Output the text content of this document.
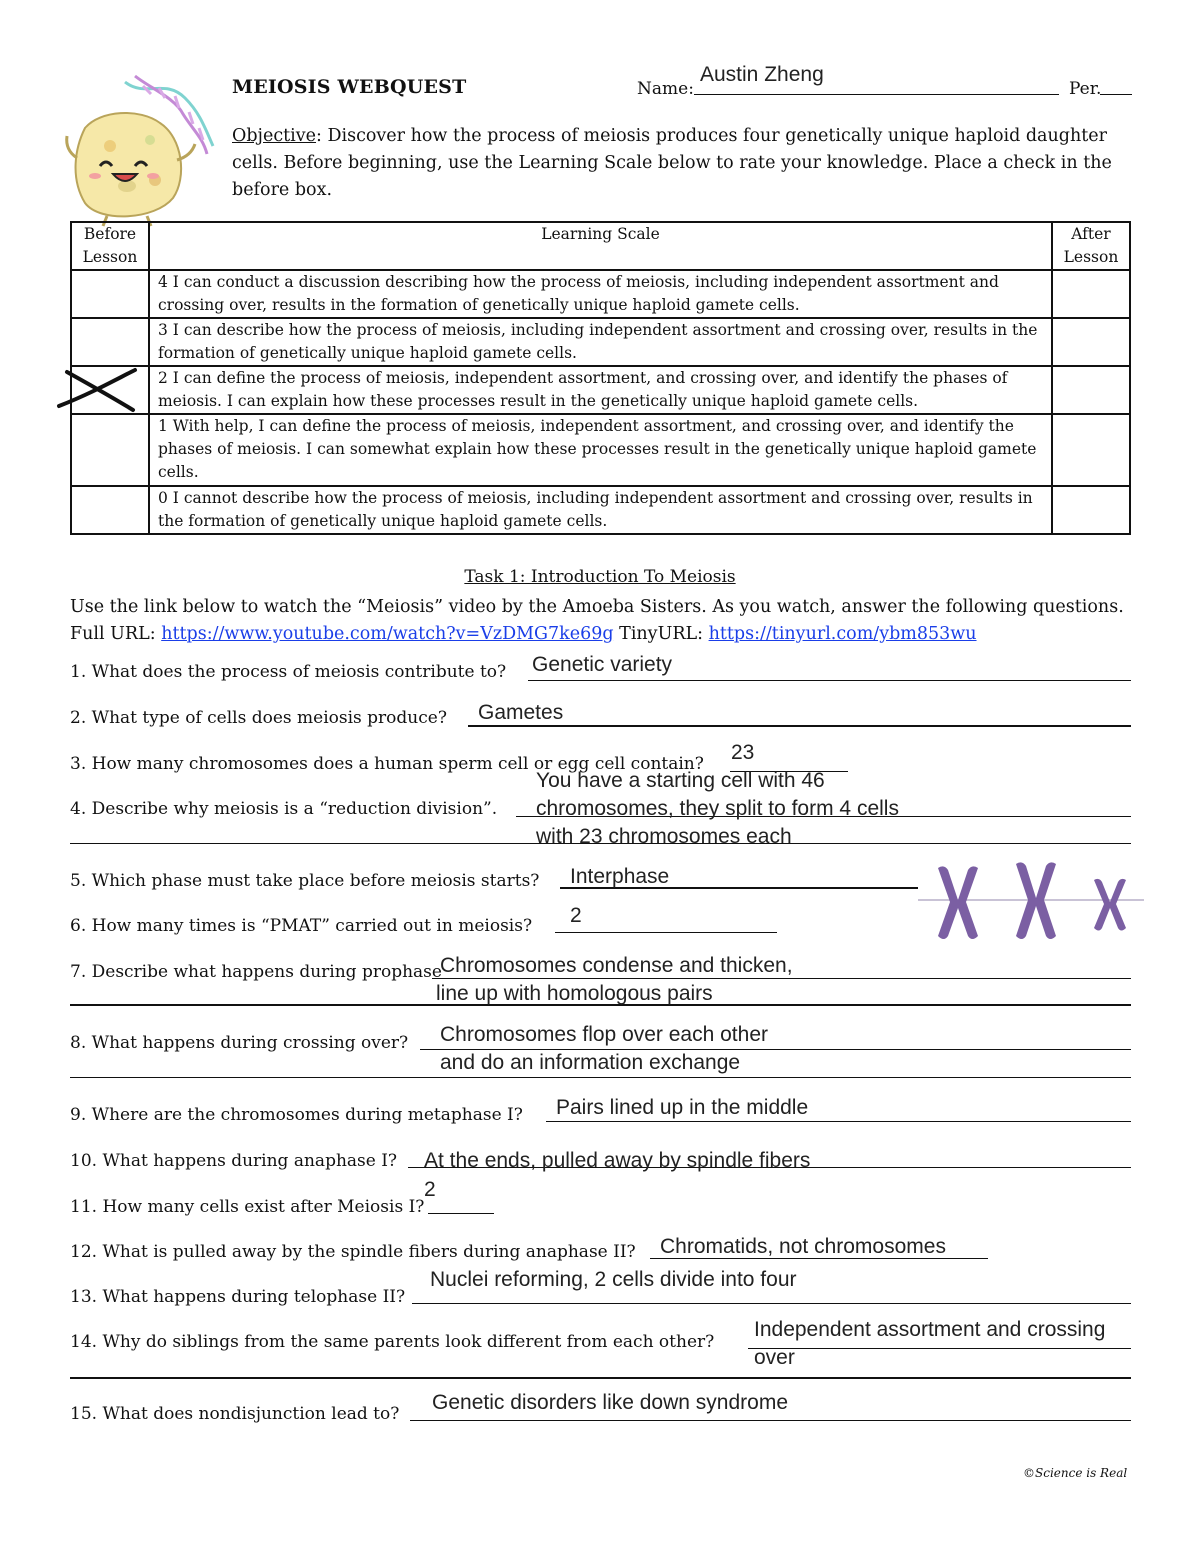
MEIOSIS WEBQUEST	Name:
Austin Zheng
Per.
Objective: Discover how the process of meiosis produces four genetically unique haploid daughter cells. Before beginning, use the Learning Scale below to rate your knowledge. Place a check in the before box.
Before Lesson	Learning Scale	After Lesson
	4 I can conduct a discussion describing how the process of meiosis, including independent assortment and crossing over, results in the formation of genetically unique haploid gamete cells.	
	3 I can describe how the process of meiosis, including independent assortment and crossing over, results in the formation of genetically unique haploid gamete cells.	
	2 I can define the process of meiosis, independent assortment, and crossing over, and identify the phases of meiosis. I can explain how these processes result in the genetically unique haploid gamete cells.	
	1 With help, I can define the process of meiosis, independent assortment, and crossing over, and identify the phases of meiosis. I can somewhat explain how these processes result in the genetically unique haploid gamete cells.	
	0 I cannot describe how the process of meiosis, including independent assortment and crossing over, results in the formation of genetically unique haploid gamete cells.	
Task 1: Introduction To Meiosis
Use the link below to watch the “Meiosis” video by the Amoeba Sisters. As you watch, answer the following questions. Full URL: https://www.youtube.com/watch?v=VzDMG7ke69g TinyURL: https://tinyurl.com/ybm853wu
1. What does the process of meiosis contribute to? Genetic variety
2. What type of cells does meiosis produce? Gametes
3. How many chromosomes does a human sperm cell or egg cell contain? 23
4. Describe why meiosis is a “reduction division”.
You have a starting cell with 46
chromosomes, they split to form 4 cells
with 23 chromosomes each
5. Which phase must take place before meiosis starts? Interphase
6. How many times is “PMAT” carried out in meiosis? 2
7. Describe what happens during prophase
Chromosomes condense and thicken,
line up with homologous pairs
8. What happens during crossing over? Chromosomes flop over each other
and do an information exchange
9. Where are the chromosomes during metaphase I? Pairs lined up in the middle
10. What happens during anaphase I? At the ends, pulled away by spindle fibers
11. How many cells exist after Meiosis I?
2
12. What is pulled away by the spindle fibers during anaphase II? Chromatids, not chromosomes
13. What happens during telophase II?
Nuclei reforming, 2 cells divide into four
14. Why do siblings from the same parents look different from each other?
Independent assortment and crossing
over
15. What does nondisjunction lead to? Genetic disorders like down syndrome
©Science is Real
